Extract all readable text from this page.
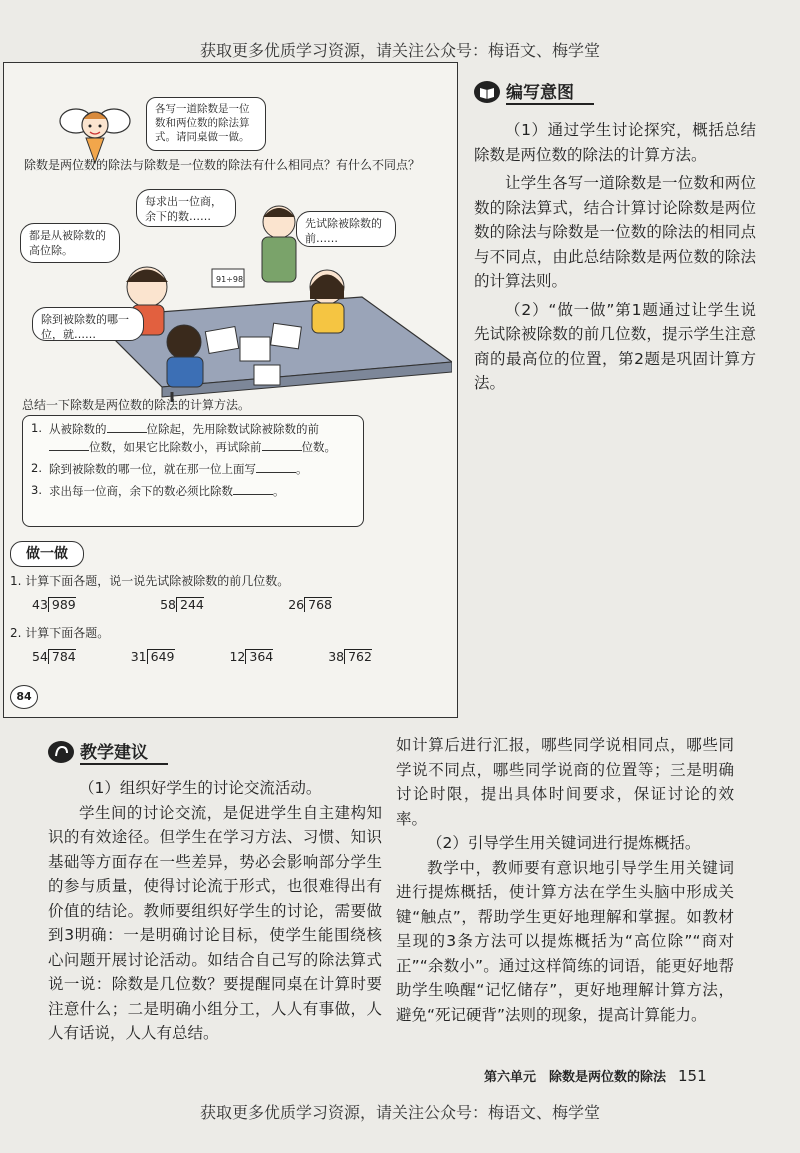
获取更多优质学习资源，请关注公众号：梅语文、梅学堂
各写一道除数是一位数和两位数的除法算式。请同桌做一做。
除数是两位数的除法与除数是一位数的除法有什么相同点？有什么不同点？
91÷98
每求出一位商，余下的数……
都是从被除数的高位除。
先试除被除数的前……
除到被除数的哪一位，就……
总结一下除数是两位数的除法的计算方法。
1. 从被除数的	位除起，先用除数试除被除数的前位数，如果它比除数小，再试除前	位数。
2. 除到被除数的哪一位，就在那一位上面写	。
3. 求出每一位商，余下的数必须比除数	。
做一做
1. 计算下面各题，说一说先试除被除数的前几位数。
43 989	58 244	26 768
2. 计算下面各题。
54 784	31 649	12 364	38 762
84
编写意图
（1）通过学生讨论探究，概括总结除数是两位数的除法的计算方法。
让学生各写一道除数是一位数和两位数的除法算式，结合计算讨论除数是两位数的除法与除数是一位数的除法的相同点与不同点，由此总结除数是两位数的除法的计算法则。
（2）“做一做”第1题通过让学生说先试除被除数的前几位数，提示学生注意商的最高位的位置，第2题是巩固计算方法。
教学建议
（1）组织好学生的讨论交流活动。
学生间的讨论交流，是促进学生自主建构知识的有效途径。但学生在学习方法、习惯、知识基础等方面存在一些差异，势必会影响部分学生的参与质量，使得讨论流于形式，也很难得出有价值的结论。教师要组织好学生的讨论，需要做到3明确：一是明确讨论目标，使学生能围绕核心问题开展讨论活动。如结合自己写的除法算式说一说：除数是几位数？要提醒同桌在计算时要注意什么；二是明确小组分工，人人有事做，人人有话说，人人有总结。
如计算后进行汇报，哪些同学说相同点，哪些同学说不同点，哪些同学说商的位置等；三是明确讨论时限，提出具体时间要求，保证讨论的效率。
（2）引导学生用关键词进行提炼概括。
教学中，教师要有意识地引导学生用关键词进行提炼概括，使计算方法在学生头脑中形成关键“触点”，帮助学生更好地理解和掌握。如教材呈现的3条方法可以提炼概括为“高位除”“商对正”“余数小”。通过这样简练的词语，能更好地帮助学生唤醒“记忆储存”，更好地理解计算方法，避免“死记硬背”法则的现象，提高计算能力。
第六单元　除数是两位数的除法 151
获取更多优质学习资源，请关注公众号：梅语文、梅学堂
